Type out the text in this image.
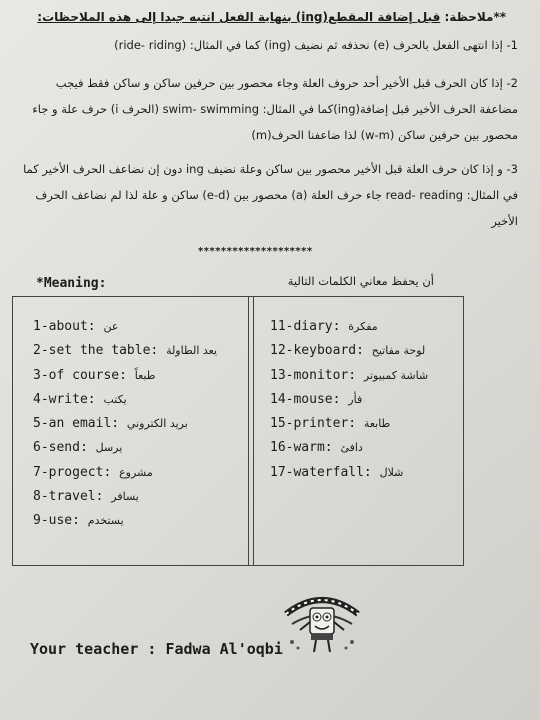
**ملاحظة: قبل إضافة المقطع(ing) بنهاية الفعل انتبه جيدا إلى هذه الملاحظات:
1- إذا انتهى الفعل بالحرف (e) نحذفه ثم نضيف (ing) كما في المثال: (ride- riding)
2- إذا كان الحرف قبل الأخير أحد حروف العلة وجاء محصور بين حرفين ساكن و ساكن فقط فيجب مضاعفة الحرف الأخير قبل إضافة(ing)كما في المثال: swim- swimming (الحرف i) حرف علة و جاء محصور بين حرفين ساكن (w-m) لذا ضاعفنا الحرف(m)
3- و إذا كان حرف العلة قبل الأخير محصور بين ساكن وعلة نضيف ing دون إن نضاعف الحرف الأخير كما في المثال: read- reading جاء حرف العلة (a) محصور بين (e-d) ساكن و علة لذا لم نضاعف الحرف الأخير
********************
*Meaning:	أن يحفظ معاني الكلمات التالية
1-about: عن
2-set the table: يعد الطاولة
3-of course: طبعاً
4-write: يكتب
5-an email: بريد الكتروني
6-send: يرسل
7-progect: مشروع
8-travel: يسافر
9-use: يستخدم
11-diary: مفكرة
12-keyboard: لوحة مفاتيح
13-monitor: شاشة كمبيوتر
14-mouse: فأر
15-printer: طابعة
16-warm: دافئ
17-waterfall: شلال
Your teacher : Fadwa Al'oqbi
